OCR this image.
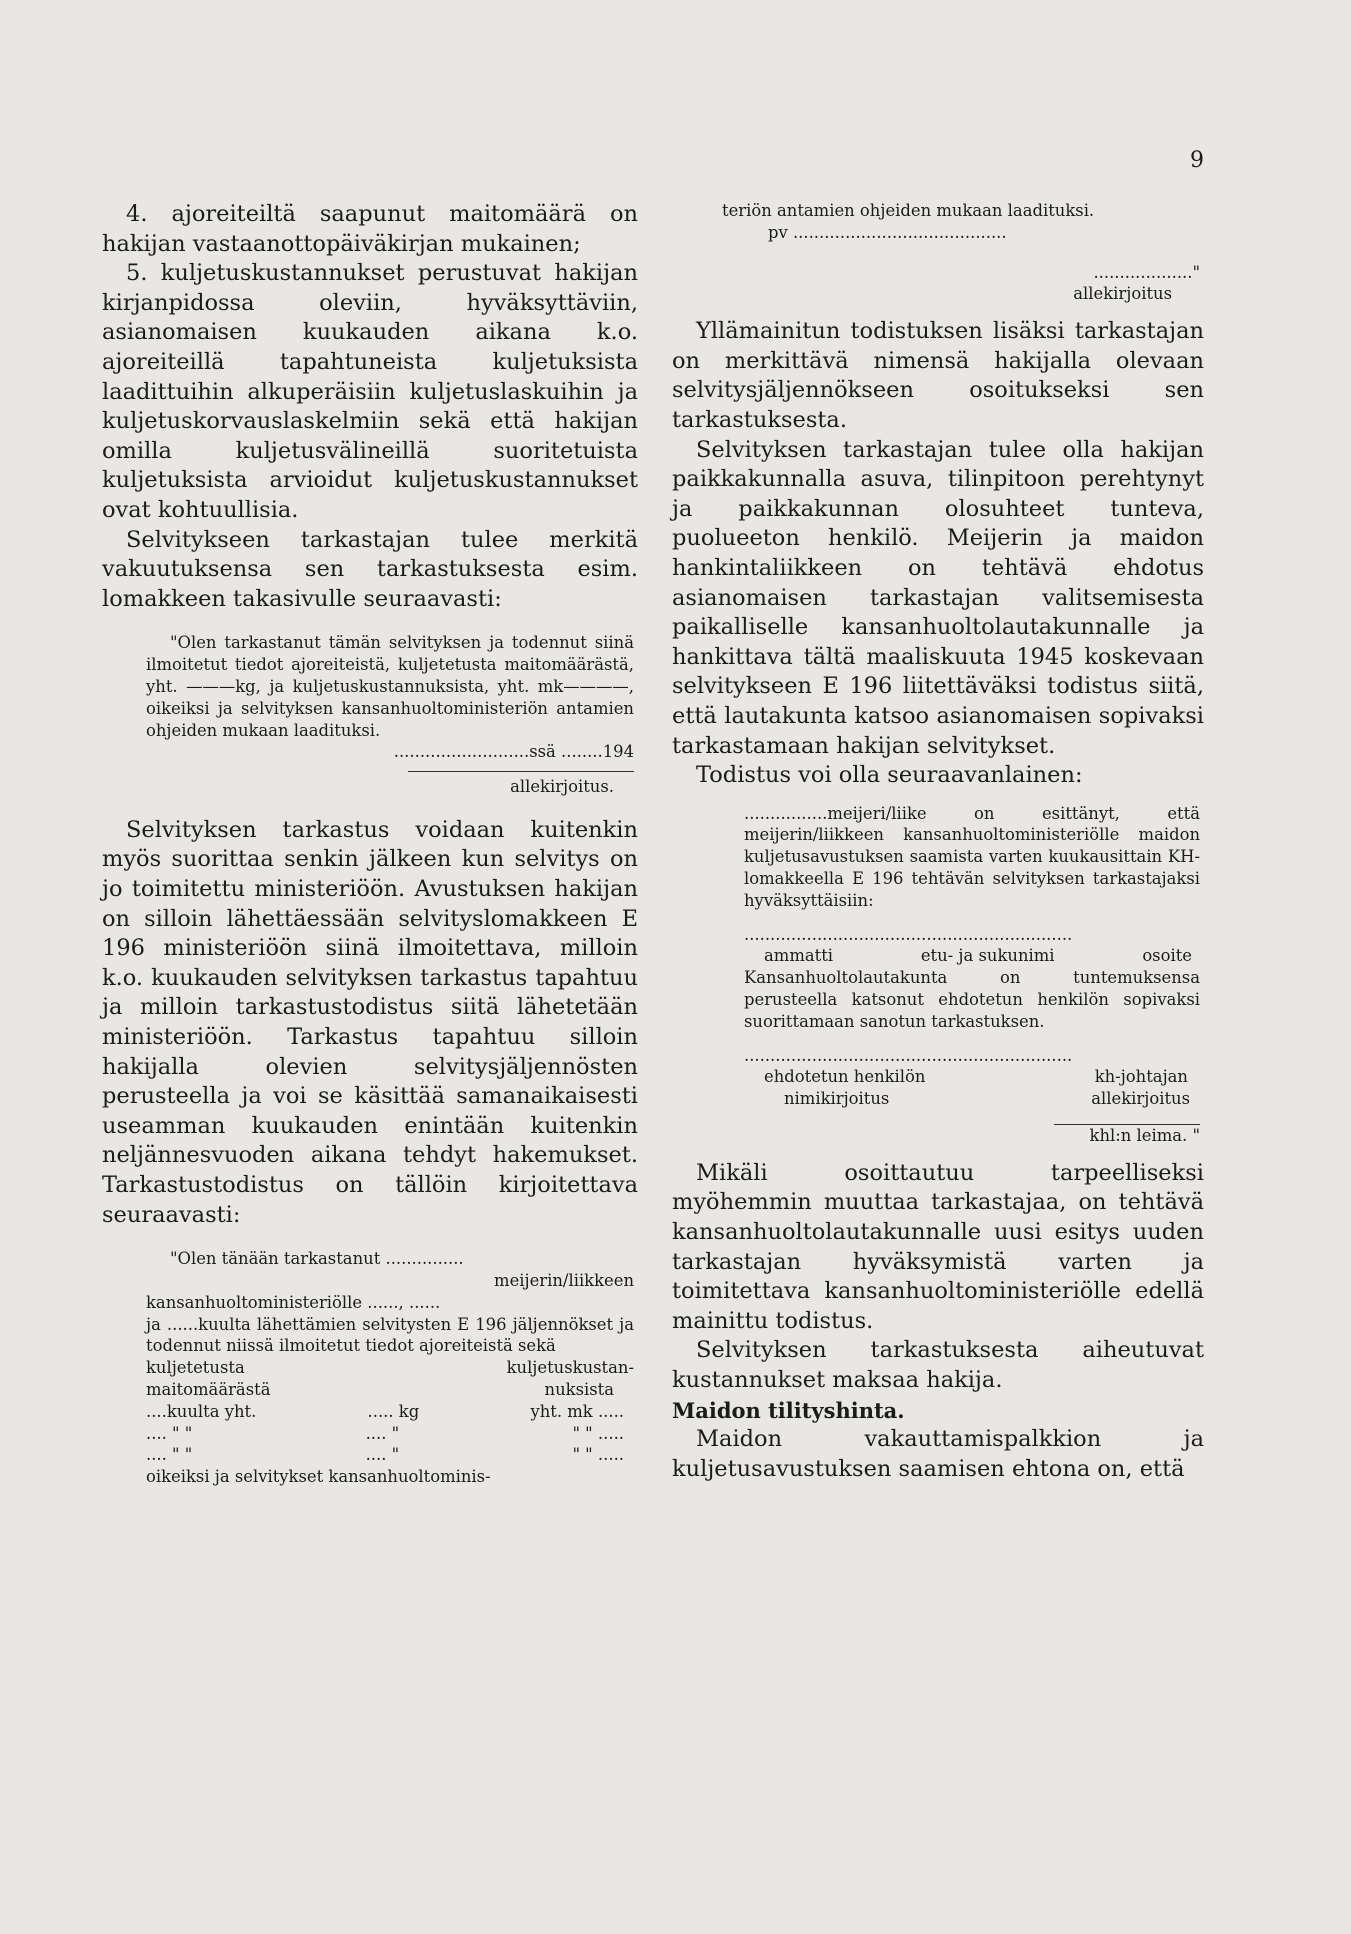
9

4. ajoreiteiltä saapunut maitomäärä on hakijan vastaanottopäiväkirjan mukainen;

5. kuljetuskustannukset perustuvat hakijan kirjanpidossa oleviin, hyväksyttäviin, asianomaisen kuukauden aikana k.o. ajoreiteillä tapahtuneista kuljetuksista laadittuihin alkuperäisiin kuljetuslaskuihin ja kuljetuskorvauslaskelmiin sekä että hakijan omilla kuljetusvälineillä suoritetuista kuljetuksista arvioidut kuljetuskustannukset ovat kohtuullisia.

Selvitykseen tarkastajan tulee merkitä vakuutuksensa sen tarkastuksesta esim. lomakkeen takasivulle seuraavasti:

"Olen tarkastanut tämän selvityksen ja todennut siinä ilmoitetut tiedot ajoreiteistä, kuljetetusta maitomäärästä, yht. ———kg, ja kuljetuskustannuksista, yht. mk————, oikeiksi ja selvityksen kansanhuoltoministeriön antamien ohjeiden mukaan laadituksi.

..........................ssä ........194
allekirjoitus.

Selvityksen tarkastus voidaan kuitenkin myös suorittaa senkin jälkeen kun selvitys on jo toimitettu ministeriöön. Avustuksen hakijan on silloin lähettäessään selvityslomakkeen E 196 ministeriöön siinä ilmoitettava, milloin k.o. kuukauden selvityksen tarkastus tapahtuu ja milloin tarkastustodistus siitä lähetetään ministeriöön. Tarkastus tapahtuu silloin hakijalla olevien selvitysjäljennösten perusteella ja voi se käsittää samanaikaisesti useamman kuukauden enintään kuitenkin neljännesvuoden aikana tehdyt hakemukset. Tarkastustodistus on tällöin kirjoitettava seuraavasti:

"Olen tänään tarkastanut ...............

meijerin/liikkeen

kansanhuoltoministeriölle ......, ......

ja ......kuulta lähettämien selvitysten E 196 jäljennökset ja todennut niissä ilmoitetut tiedot ajoreiteistä sekä

kuljetetusta	kuljetuskustan-
maitomäärästä	nuksista
....kuulta yht.	..... kg	yht. mk .....
.... " "	.... "	" " .....
.... " "	.... "	" " .....

oikeiksi ja selvitykset kansanhuoltominis-

teriön antamien ohjeiden mukaan laadituksi.

pv .........................................

..................."
allekirjoitus

Yllämainitun todistuksen lisäksi tarkastajan on merkittävä nimensä hakijalla olevaan selvitysjäljennökseen osoitukseksi sen tarkastuksesta.

Selvityksen tarkastajan tulee olla hakijan paikkakunnalla asuva, tilinpitoon perehtynyt ja paikkakunnan olosuhteet tunteva, puolueeton henkilö. Meijerin ja maidon hankintaliikkeen on tehtävä ehdotus asianomaisen tarkastajan valitsemisesta paikalliselle kansanhuoltolautakunnalle ja hankittava tältä maaliskuuta 1945 koskevaan selvitykseen E 196 liitettäväksi todistus siitä, että lautakunta katsoo asianomaisen sopivaksi tarkastamaan hakijan selvitykset.

Todistus voi olla seuraavanlainen:

................meijeri/liike on esittänyt, että meijerin/liikkeen kansanhuoltoministeriölle maidon kuljetusavustuksen saamista varten kuukausittain KH-lomakkeella E 196 tehtävän selvityksen tarkastajaksi hyväksyttäisiin:

...............................................................

ammatti	etu- ja sukunimi	osoite

Kansanhuoltolautakunta on tuntemuksensa perusteella katsonut ehdotetun henkilön sopivaksi suorittamaan sanotun tarkastuksen.

...............................................................

ehdotetun henkilön	kh-johtajan
nimikirjoitus	allekirjoitus
khl:n leima. "

Mikäli osoittautuu tarpeelliseksi myöhemmin muuttaa tarkastajaa, on tehtävä kansanhuoltolautakunnalle uusi esitys uuden tarkastajan hyväksymistä varten ja toimitettava kansanhuoltoministeriölle edellä mainittu todistus.

Selvityksen tarkastuksesta aiheutuvat kustannukset maksaa hakija.

Maidon tilityshinta.

Maidon vakauttamispalkkion ja kuljetusavustuksen saamisen ehtona on, että
